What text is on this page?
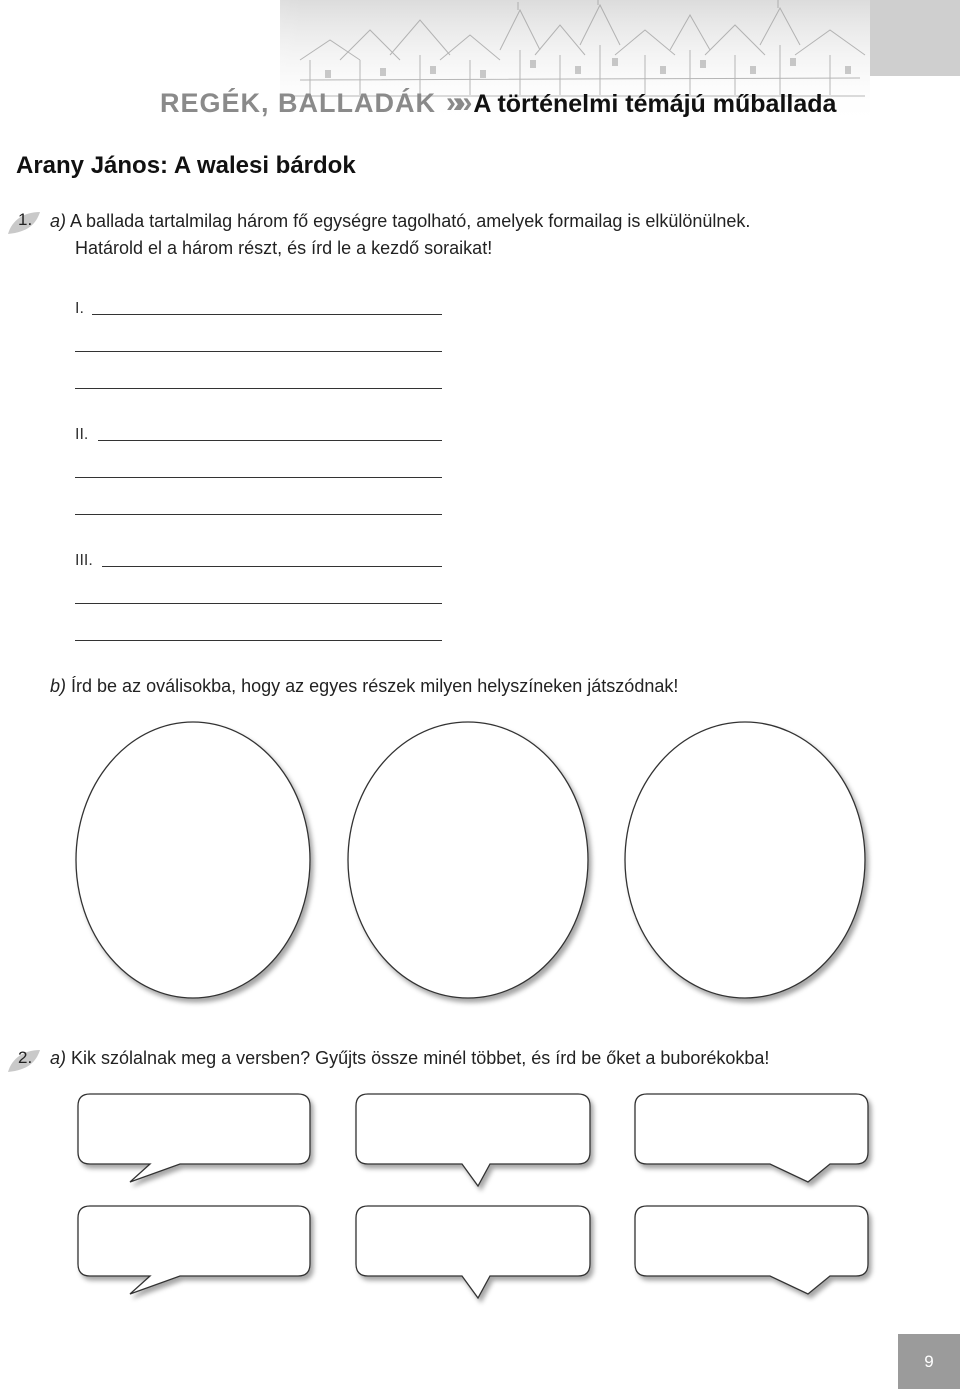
REGÉK, BALLADÁK »» A történelmi témájú műballada
Arany János: A walesi bárdok
1. a) A ballada tartalmilag három fő egységre tagolható, amelyek formailag is elkülönülnek.
Határold el a három részt, és írd le a kezdő soraikat!
I.
II.
III.
b) Írd be az oválisokba, hogy az egyes részek milyen helyszíneken játszódnak!
2. a) Kik szólalnak meg a versben? Gyűjts össze minél többet, és írd be őket a buborékokba!
9
